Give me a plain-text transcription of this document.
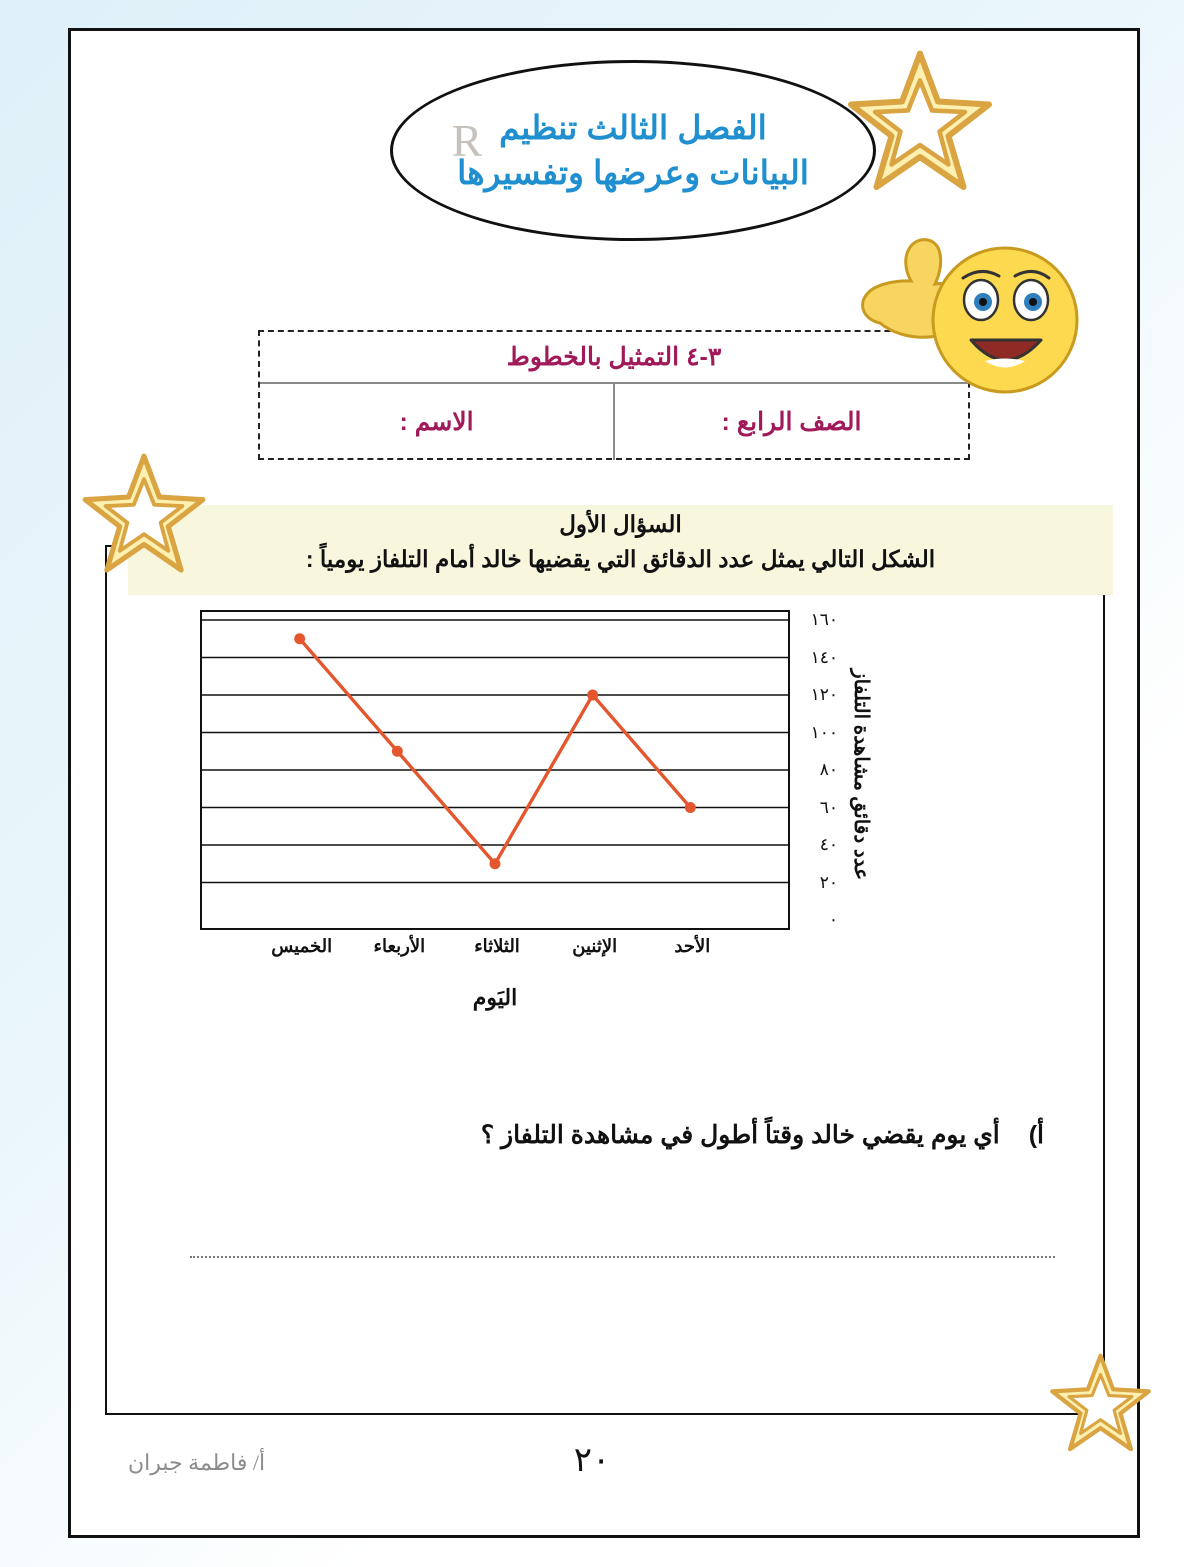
R الفصل الثالث تنظيم
البيانات وعرضها وتفسيرها
٣-٤ التمثيل بالخطوط
الصف الرابع :
الاسم :
السؤال الأول
الشكل التالي يمثل عدد الدقائق التي يقضيها خالد أمام التلفاز يومياً :
عدد دقائق مشاهدة التلفاز
٠
٢٠
٤٠
٦٠
٨٠
١٠٠
١٢٠
١٤٠
١٦٠
الأحد
الإثنين
الثلاثاء
الأربعاء
الخميس
اليَوم
أ) أي يوم يقضي خالد وقتاً أطول في مشاهدة التلفاز ؟
٢٠
أ/ فاطمة جبران
